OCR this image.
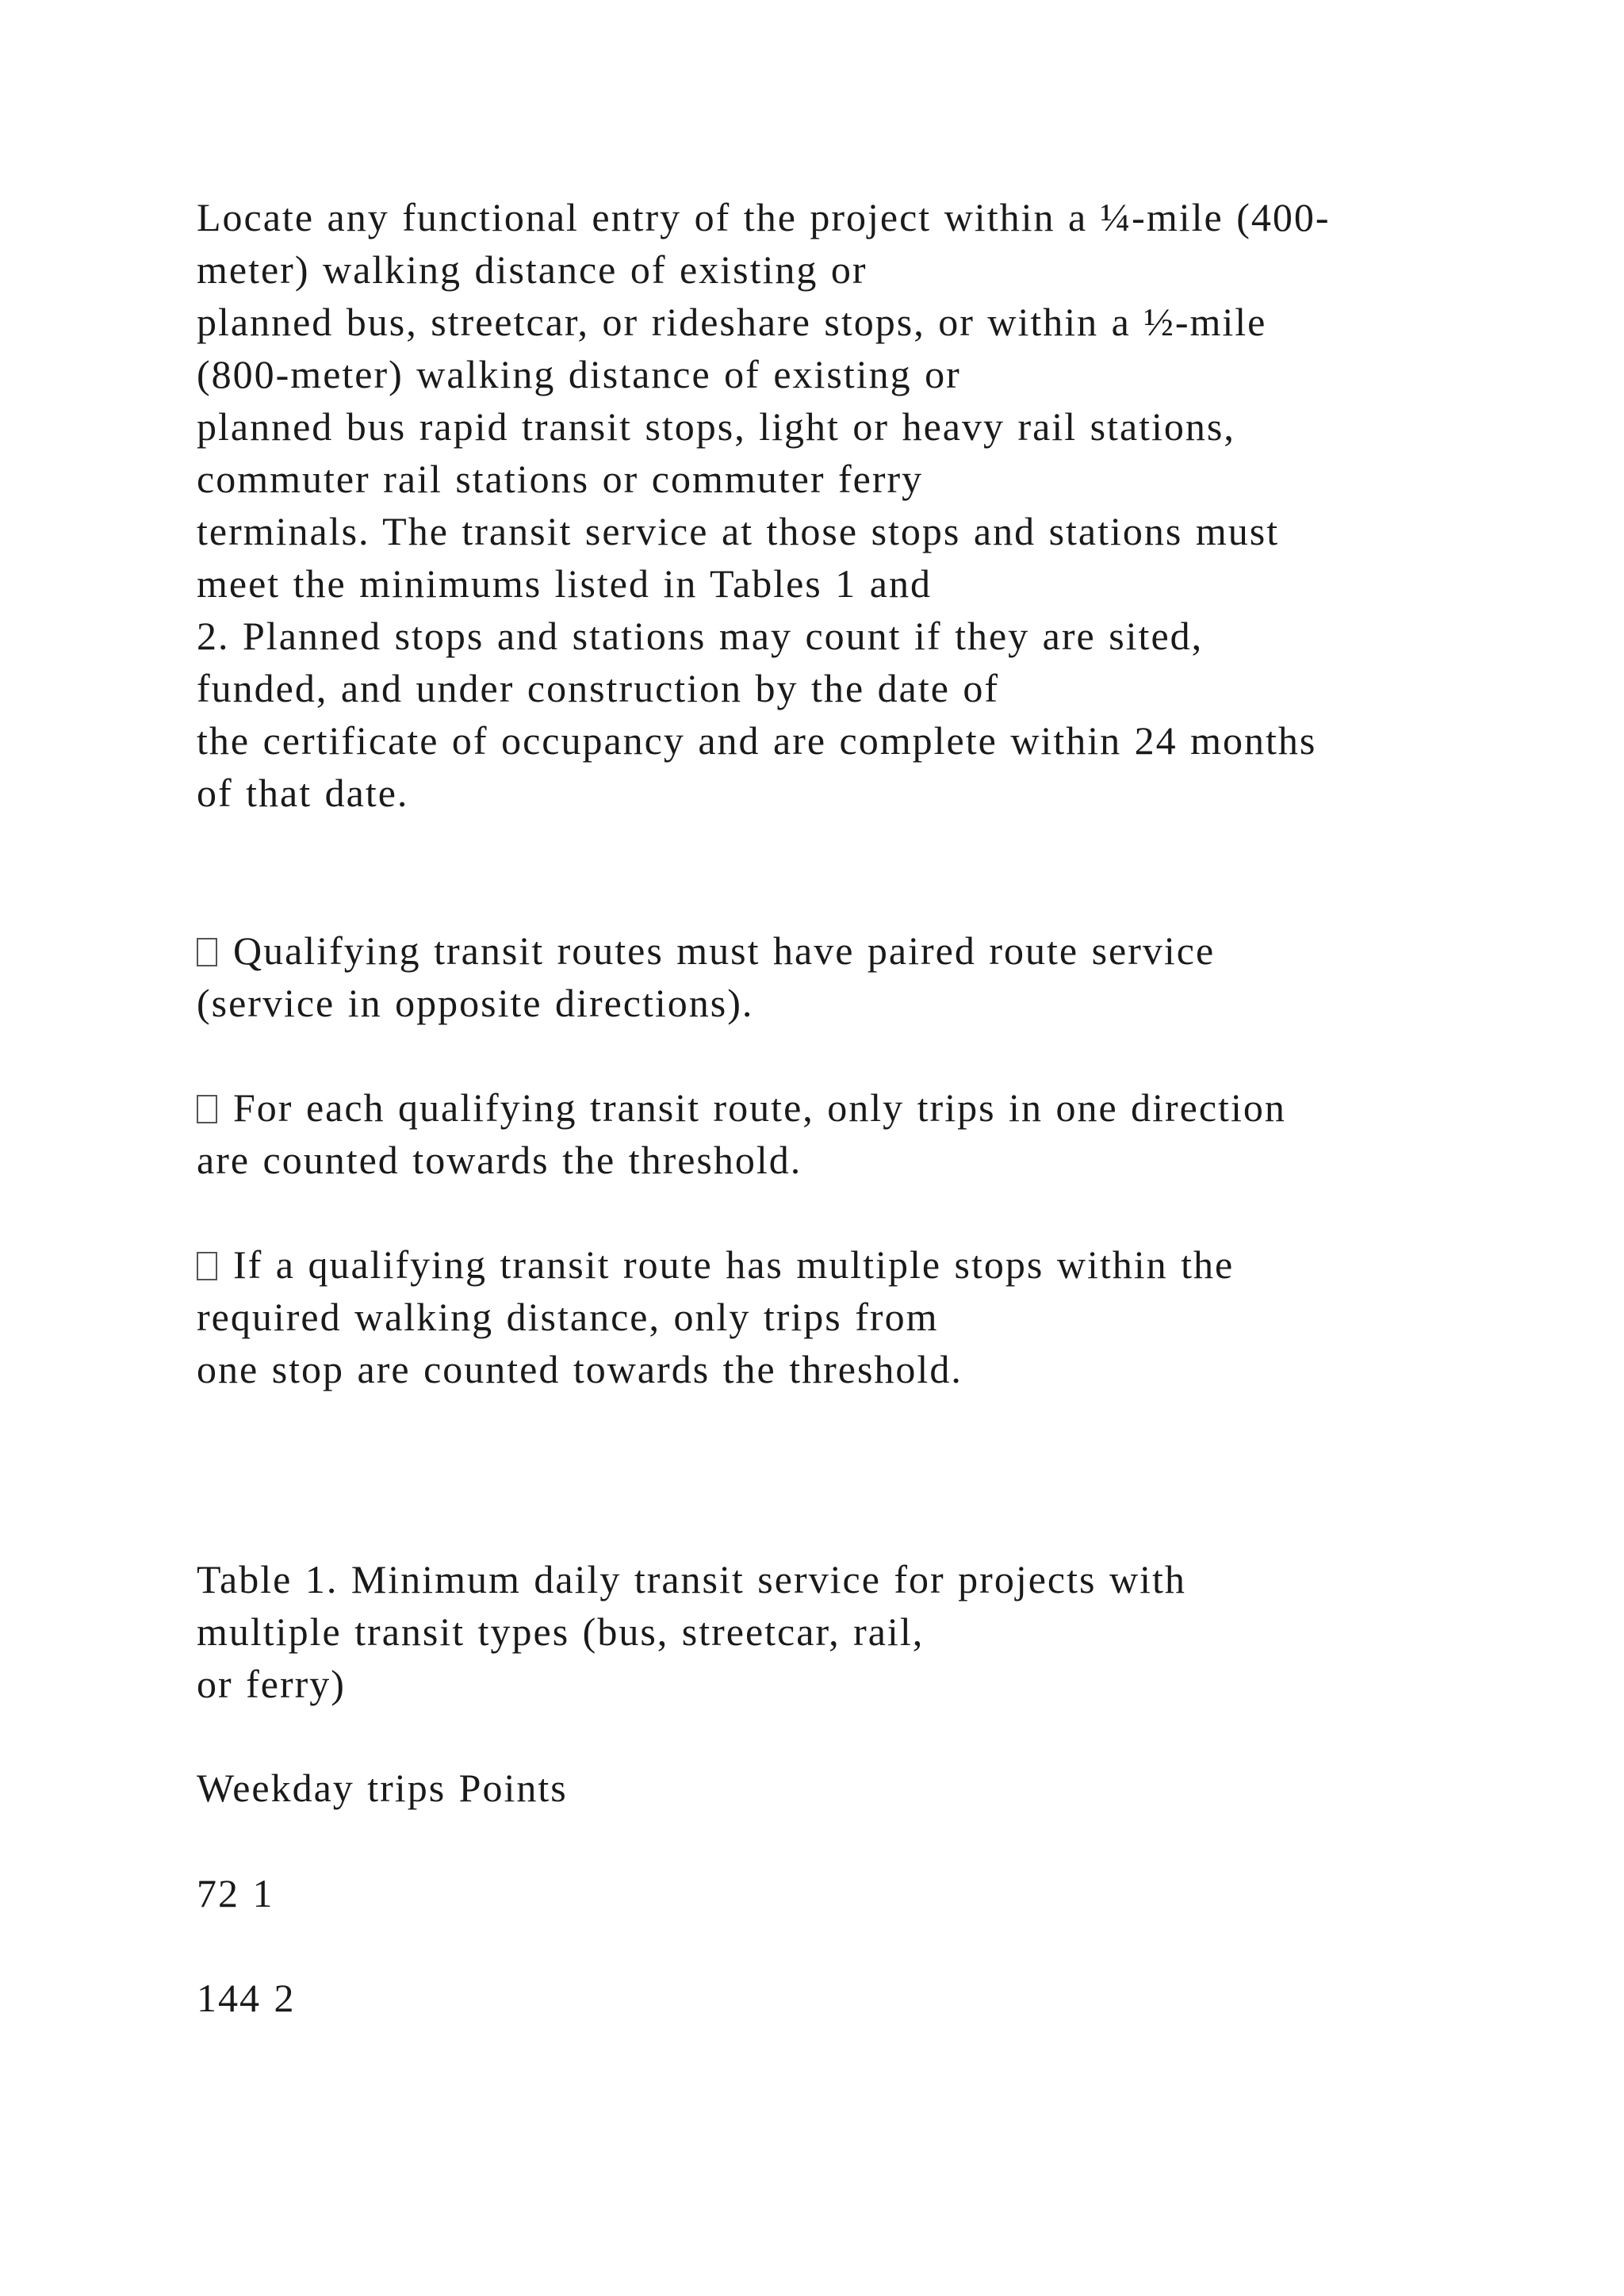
Locate any functional entry of the project within a ¼-mile (400-
meter) walking distance of existing or
planned bus, streetcar, or rideshare stops, or within a ½-mile
(800-meter) walking distance of existing or
planned bus rapid transit stops, light or heavy rail stations,
commuter rail stations or commuter ferry
terminals. The transit service at those stops and stations must
meet the minimums listed in Tables 1 and
2. Planned stops and stations may count if they are sited,
funded, and under construction by the date of
the certificate of occupancy and are complete within 24 months
of that date.

Qualifying transit routes must have paired route service
(service in opposite directions).

For each qualifying transit route, only trips in one direction
are counted towards the threshold.

If a qualifying transit route has multiple stops within the
required walking distance, only trips from
one stop are counted towards the threshold.

Table 1. Minimum daily transit service for projects with
multiple transit types (bus, streetcar, rail,
or ferry)

Weekday trips Points

72 1

144 2
